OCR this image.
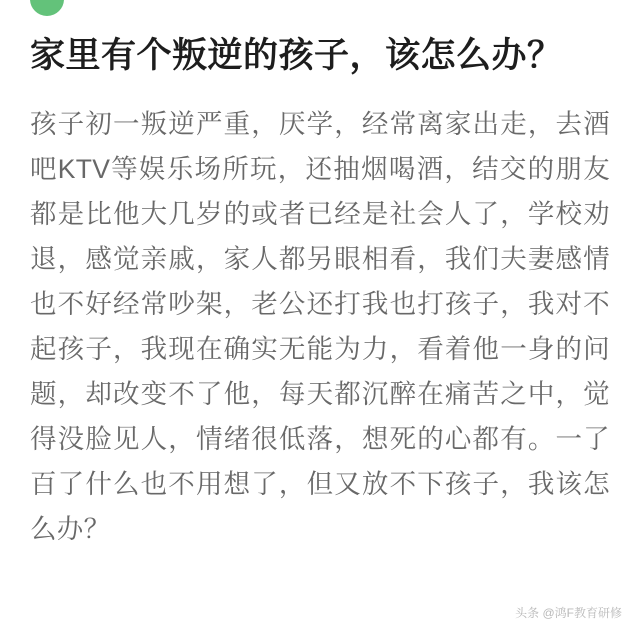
家里有个叛逆的孩子，该怎么办？

孩子初一叛逆严重，厌学，经常离家出走，去酒吧KTV等娱乐场所玩，还抽烟喝酒，结交的朋友都是比他大几岁的或者已经是社会人了，学校劝退，感觉亲戚，家人都另眼相看，我们夫妻感情也不好经常吵架，老公还打我也打孩子，我对不起孩子，我现在确实无能为力，看着他一身的问题，却改变不了他，每天都沉醉在痛苦之中，觉得没脸见人，情绪很低落，想死的心都有。一了百了什么也不用想了，但又放不下孩子，我该怎么办？

头条 @鸿F教育研修
